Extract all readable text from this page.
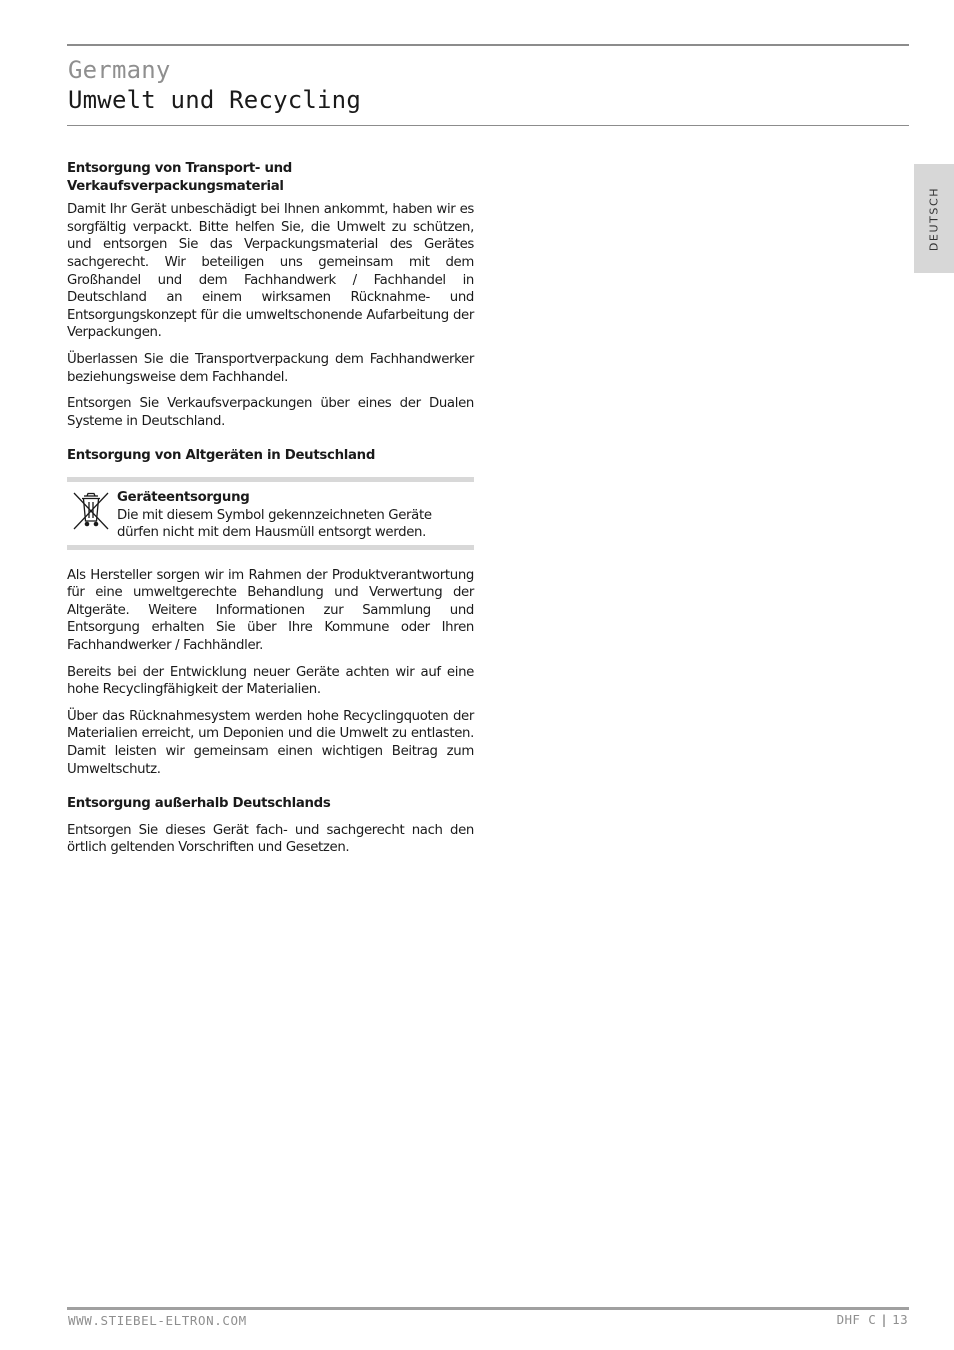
Germany
Umwelt und Recycling
DEUTSCH
Entsorgung von Transport- und
Verkaufsverpackungsmaterial

Damit Ihr Gerät unbeschädigt bei Ihnen ankommt, haben wir es sorgfältig verpackt. Bitte helfen Sie, die Umwelt zu schützen, und entsorgen Sie das Verpackungsmaterial des Gerätes sachgerecht. Wir beteiligen uns gemeinsam mit dem Großhandel und dem Fachhandwerk / Fachhandel in Deutschland an einem wirksamen Rücknahme- und Entsorgungskonzept für die umweltschonende Aufarbeitung der Verpackungen.

Überlassen Sie die Transportverpackung dem Fachhandwerker beziehungsweise dem Fachhandel.

Entsorgen Sie Verkaufsverpackungen über eines der Dualen Systeme in Deutschland.

Entsorgung von Altgeräten in Deutschland
Geräteentsorgung
Die mit diesem Symbol gekennzeichneten Geräte dürfen nicht mit dem Hausmüll entsorgt werden.

Als Hersteller sorgen wir im Rahmen der Produktverantwortung für eine umweltgerechte Behandlung und Verwertung der Altgeräte. Weitere Informationen zur Sammlung und Entsorgung erhalten Sie über Ihre Kommune oder Ihren Fachhandwerker / Fachhändler.

Bereits bei der Entwicklung neuer Geräte achten wir auf eine hohe Recyclingfähigkeit der Materialien.

Über das Rücknahmesystem werden hohe Recyclingquoten der Materialien erreicht, um Deponien und die Umwelt zu entlasten. Damit leisten wir gemeinsam einen wichtigen Beitrag zum Umweltschutz.

Entsorgung außerhalb Deutschlands

Entsorgen Sie dieses Gerät fach- und sachgerecht nach den örtlich geltenden Vorschriften und Gesetzen.

WWW.STIEBEL-ELTRON.COM	DHF C | 13
